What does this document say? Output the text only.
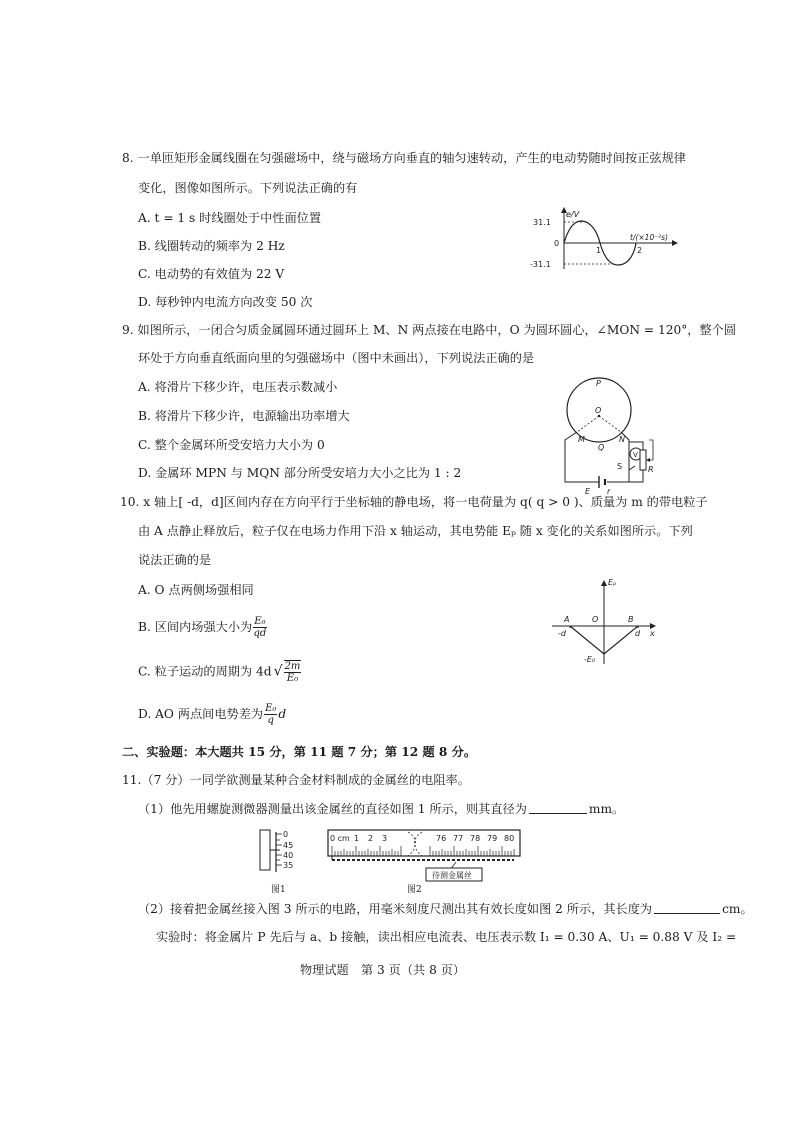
8. 一单匝矩形金属线圈在匀强磁场中，绕与磁场方向垂直的轴匀速转动，产生的电动势随时间按正弦规律
变化，图像如图所示。下列说法正确的有
A. t = 1 s 时线圈处于中性面位置
B. 线圈转动的频率为 2 Hz
C. 电动势的有效值为 22 V
D. 每秒钟内电流方向改变 50 次
e/V
t/(×10⁻²s)
31.1
0
-31.1
1	2
9. 如图所示，一闭合匀质金属圆环通过圆环上 M、N 两点接在电路中，O 为圆环圆心，∠MON = 120°，整个圆
环处于方向垂直纸面向里的匀强磁场中（图中未画出），下列说法正确的是
A. 将滑片下移少许，电压表示数减小
B. 将滑片下移少许，电源输出功率增大
C. 整个金属环所受安培力大小为 0
D. 金属环 MPN 与 MQN 部分所受安培力大小之比为 1 : 2
P
O
M	N
Q
V
R
S
E r
10. x 轴上[ -d，d]区间内存在方向平行于坐标轴的静电场，将一电荷量为 q( q > 0 )、质量为 m 的带电粒子
由 A 点静止释放后，粒子仅在电场力作用下沿 x 轴运动，其电势能 Eₚ 随 x 变化的关系如图所示。下列
说法正确的是
A. O 点两侧场强相同
B. 区间内场强大小为 $\frac{\text{E₀}}{qd}$
C. 粒子运动的周期为 4d √ $\frac{2m}{\text{E₀}}$
D. AO 两点间电势差为 $\frac{\text{E₀}}{q}$ d
Eₚ
x
A	O	B
-d	d
-E₀
二、实验题：本大题共 15 分，第 11 题 7 分；第 12 题 8 分。
11.（7 分）一同学欲测量某种合金材料制成的金属丝的电阻率。
（1）他先用螺旋测微器测量出该金属丝的直径如图 1 所示，则其直径为	mm。
0
45
40
35
图1
0 cm 1 2 3	76 77 78 79 80
待测金属丝
图2
（2）接着把金属丝接入图 3 所示的电路，用毫米刻度尺测出其有效长度如图 2 所示，其长度为	cm。
实验时：将金属片 P 先后与 a、b 接触，读出相应电流表、电压表示数 I₁ = 0.30 A、U₁ = 0.88 V 及 I₂ =
物理试题　第 3 页（共 8 页）
